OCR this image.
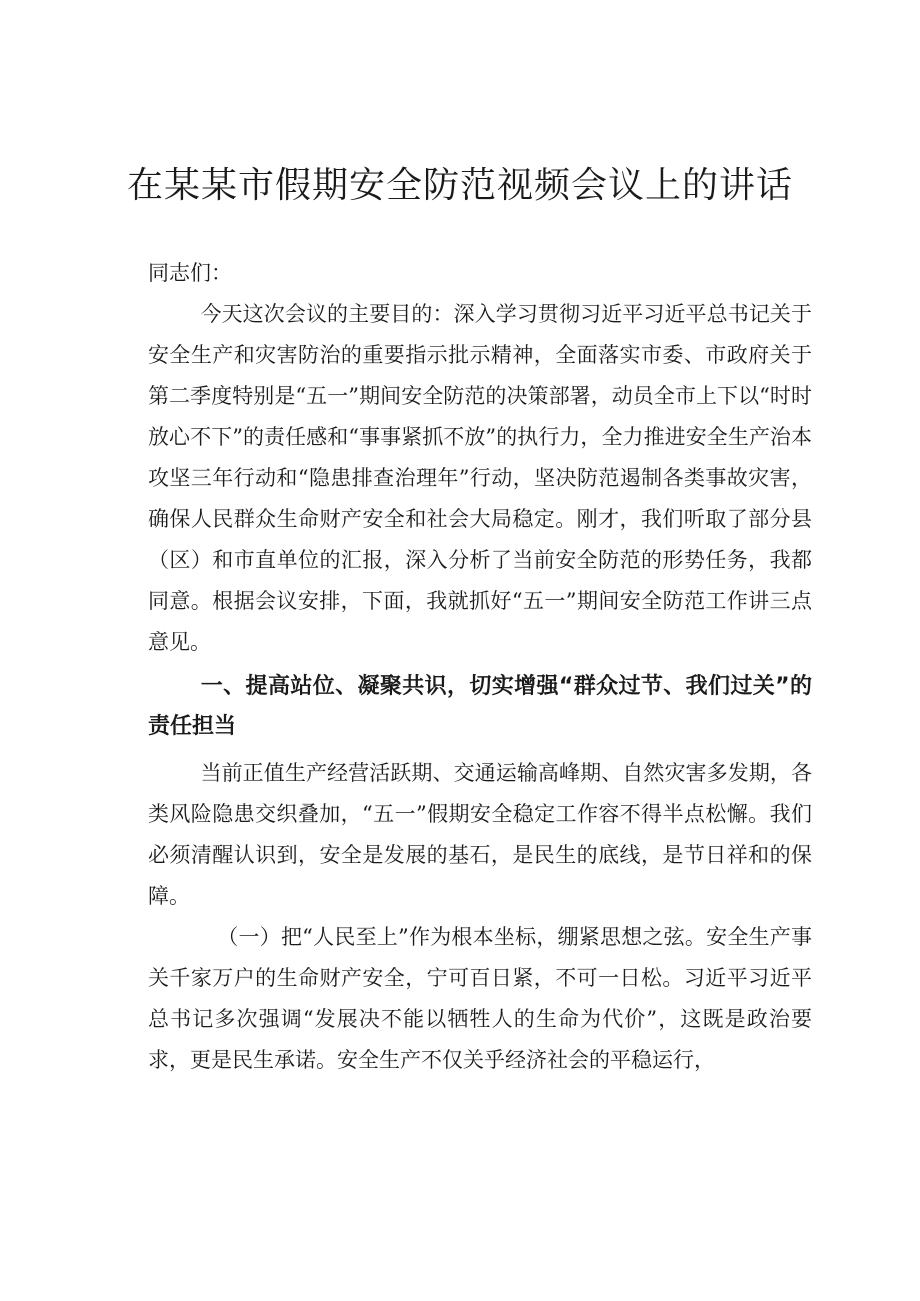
在某某市假期安全防范视频会议上的讲话

同志们：

今天这次会议的主要目的：深入学习贯彻习近平习近平总书记关于安全生产和灾害防治的重要指示批示精神，全面落实市委、市政府关于第二季度特别是“五一”期间安全防范的决策部署，动员全市上下以“时时放心不下”的责任感和“事事紧抓不放”的执行力，全力推进安全生产治本攻坚三年行动和“隐患排查治理年”行动，坚决防范遏制各类事故灾害，确保人民群众生命财产安全和社会大局稳定。刚才，我们听取了部分县（区）和市直单位的汇报，深入分析了当前安全防范的形势任务，我都同意。根据会议安排，下面，我就抓好“五一”期间安全防范工作讲三点意见。

一、提高站位、凝聚共识，切实增强“群众过节、我们过关”的责任担当

当前正值生产经营活跃期、交通运输高峰期、自然灾害多发期，各类风险隐患交织叠加，“五一”假期安全稳定工作容不得半点松懈。我们必须清醒认识到，安全是发展的基石，是民生的底线，是节日祥和的保障。

（一）把“人民至上”作为根本坐标，绷紧思想之弦。安全生产事关千家万户的生命财产安全，宁可百日紧，不可一日松。习近平习近平总书记多次强调“发展决不能以牺牲人的生命为代价”，这既是政治要求，更是民生承诺。安全生产不仅关乎经济社会的平稳运行，
